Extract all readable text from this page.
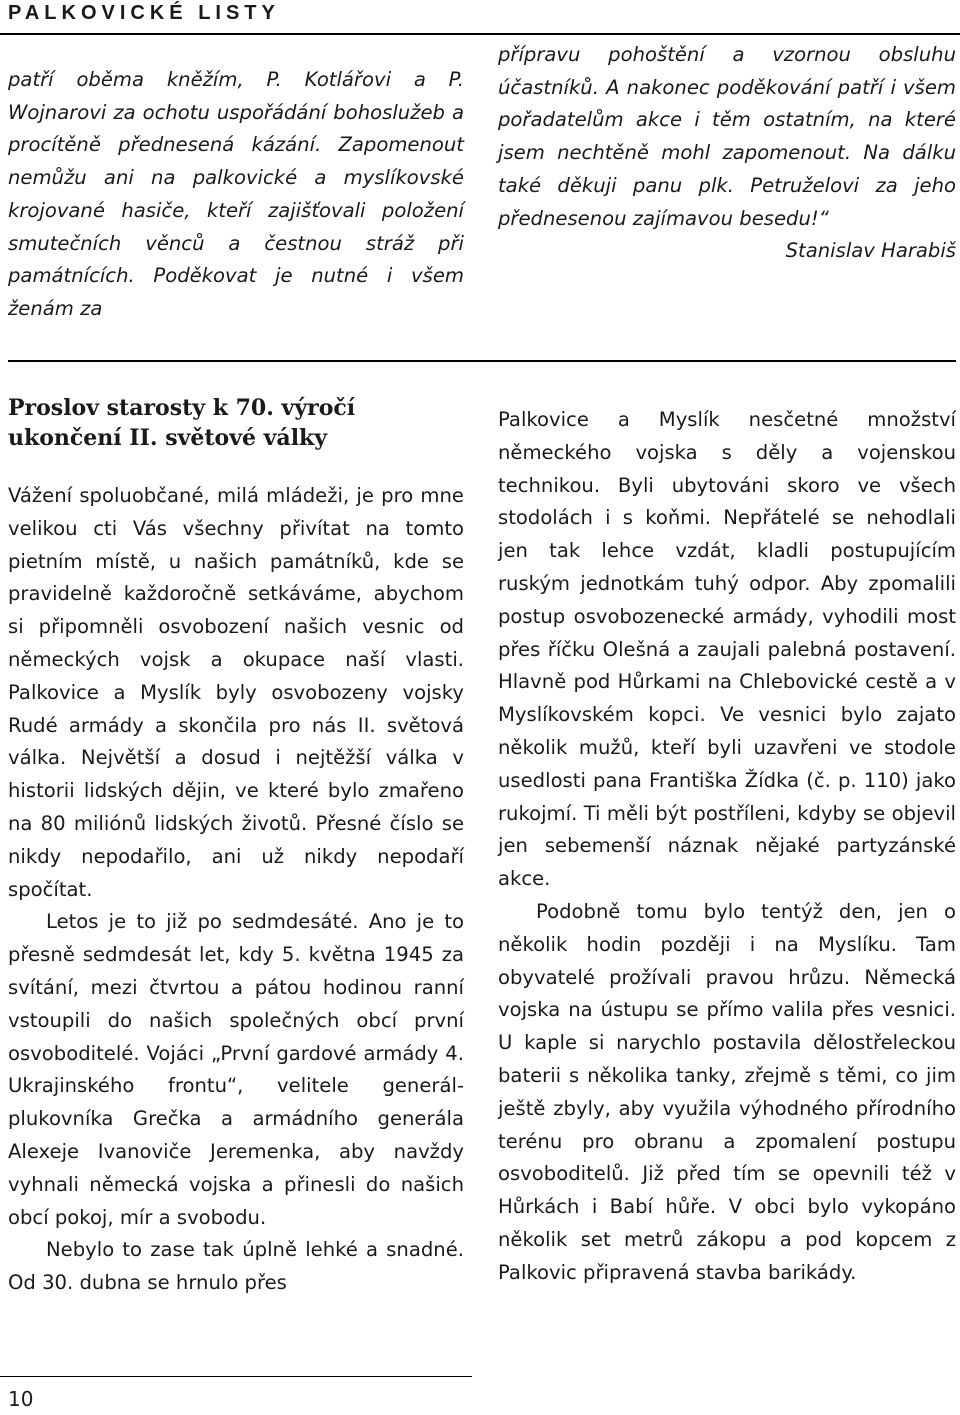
PALKOVICKÉ LISTY

patří oběma kněžím, P. Kotlářovi a P. Wojnarovi za ochotu uspořádání bohoslužeb a procítěně přednesená kázání. Zapomenout nemůžu ani na palkovické a myslíkovské krojované hasiče, kteří zajišťovali položení smutečních věnců a čestnou stráž při památnících. Poděkovat je nutné i všem ženám za

přípravu pohoštění a vzornou obsluhu účastníků. A nakonec poděkování patří i všem pořadatelům akce i těm ostatním, na které jsem nechtěně mohl zapomenout. Na dálku také děkuji panu plk. Petruželovi za jeho přednesenou zajímavou besedu!“

Stanislav Harabiš

Proslov starosty k 70. výročí ukončení II. světové války

Vážení spoluobčané, milá mládeži, je pro mne velikou cti Vás všechny přivítat na tomto pietním místě, u našich památníků, kde se pravidelně každoročně setkáváme, abychom si připomněli osvobození našich vesnic od německých vojsk a okupace naší vlasti. Palkovice a Myslík byly osvobozeny vojsky Rudé armády a skončila pro nás II. světová válka. Největší a dosud i nejtěžší válka v historii lidských dějin, ve které bylo zmařeno na 80 miliónů lidských životů. Přesné číslo se nikdy nepodařilo, ani už nikdy nepodaří spočítat.

Letos je to již po sedmdesáté. Ano je to přesně sedmdesát let, kdy 5. května 1945 za svítání, mezi čtvrtou a pátou hodinou ranní vstoupili do našich společných obcí první osvoboditelé. Vojáci „První gardové armády 4. Ukrajinského frontu“, velitele generál-plukovníka Grečka a armádního generála Alexeje Ivanoviče Jeremenka, aby navždy vyhnali německá vojska a přinesli do našich obcí pokoj, mír a svobodu.

Nebylo to zase tak úplně lehké a snadné. Od 30. dubna se hrnulo přes

Palkovice a Myslík nesčetné množství německého vojska s děly a vojenskou technikou. Byli ubytováni skoro ve všech stodolách i s koňmi. Nepřátelé se nehodlali jen tak lehce vzdát, kladli postupujícím ruským jednotkám tuhý odpor. Aby zpomalili postup osvobozenecké armády, vyhodili most přes říčku Olešná a zaujali palebná postavení. Hlavně pod Hůrkami na Chlebovické cestě a v Myslíkovském kopci. Ve vesnici bylo zajato několik mužů, kteří byli uzavřeni ve stodole usedlosti pana Františka Žídka (č. p. 110) jako rukojmí. Ti měli být postříleni, kdyby se objevil jen sebemenší náznak nějaké partyzánské akce.

Podobně tomu bylo tentýž den, jen o několik hodin později i na Myslíku. Tam obyvatelé prožívali pravou hrůzu. Německá vojska na ústupu se přímo valila přes vesnici. U kaple si narychlo postavila dělostřeleckou baterii s několika tanky, zřejmě s těmi, co jim ještě zbyly, aby využila výhodného přírodního terénu pro obranu a zpomalení postupu osvoboditelů. Již před tím se opevnili též v Hůrkách i Babí hůře. V obci bylo vykopáno několik set metrů zákopu a pod kopcem z Palkovic připravená stavba barikády.

10
